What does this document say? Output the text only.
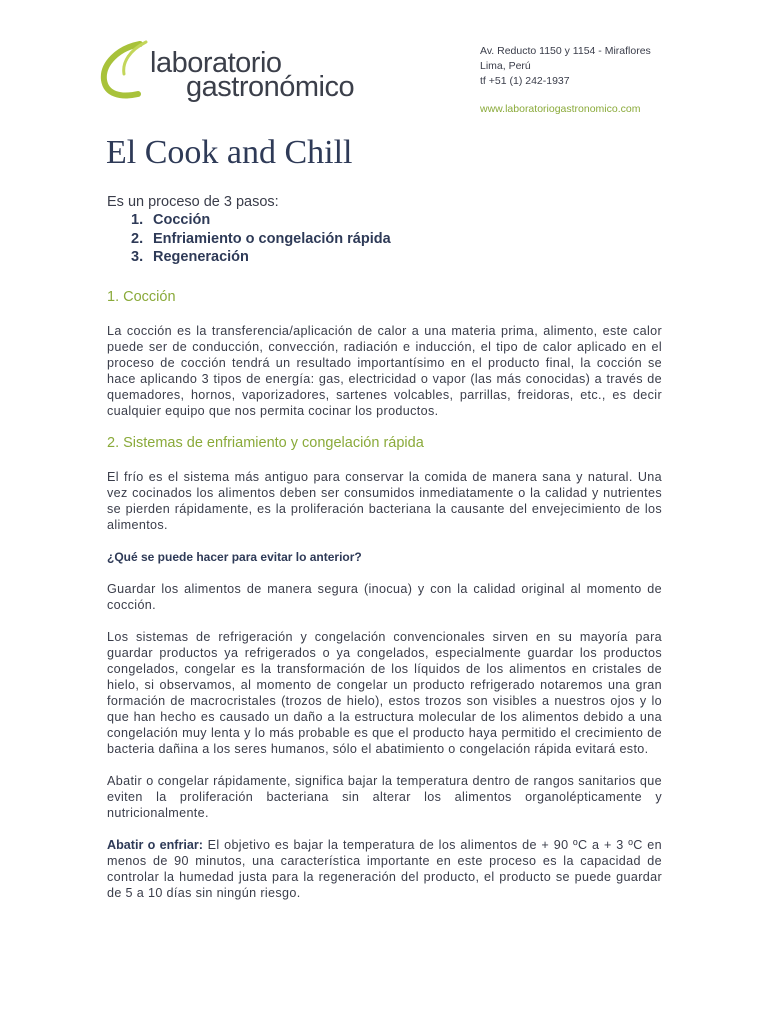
laboratorio
gastronómico
Av. Reducto 1150 y 1154 - Miraflores
Lima, Perú
tf +51 (1) 242-1937
www.laboratoriogastronomico.com
El Cook and Chill

Es un proceso de 3 pasos:

1. Cocción
2. Enfriamiento o congelación rápida
3. Regeneración

1. Cocción

La cocción es la transferencia/aplicación de calor a una materia prima, alimento, este calor puede ser de conducción, convección, radiación e inducción, el tipo de calor aplicado en el proceso de cocción tendrá un resultado importantísimo en el producto final, la cocción se hace aplicando 3 tipos de energía: gas, electricidad o vapor (las más conocidas) a través de quemadores, hornos, vaporizadores, sartenes volcables, parrillas, freidoras, etc., es decir cualquier equipo que nos permita cocinar los productos.

2. Sistemas de enfriamiento y congelación rápida

El frío es el sistema más antiguo para conservar la comida de manera sana y natural. Una vez cocinados los alimentos deben ser consumidos inmediatamente o la calidad y nutrientes se pierden rápidamente, es la proliferación bacteriana la causante del envejecimiento de los alimentos.

¿Qué se puede hacer para evitar lo anterior?

Guardar los alimentos de manera segura (inocua) y con la calidad original al momento de cocción.

Los sistemas de refrigeración y congelación convencionales sirven en su mayoría para guardar productos ya refrigerados o ya congelados, especialmente guardar los productos congelados, congelar es la transformación de los líquidos de los alimentos en cristales de hielo, si observamos, al momento de congelar un producto refrigerado notaremos una gran formación de macrocristales (trozos de hielo), estos trozos son visibles a nuestros ojos y lo que han hecho es causado un daño a la estructura molecular de los alimentos debido a una congelación muy lenta y lo más probable es que el producto haya permitido el crecimiento de bacteria dañina a los seres humanos, sólo el abatimiento o congelación rápida evitará esto.

Abatir o congelar rápidamente, significa bajar la temperatura dentro de rangos sanitarios que eviten la proliferación bacteriana sin alterar los alimentos organolépticamente y nutricionalmente.

Abatir o enfriar: El objetivo es bajar la temperatura de los alimentos de + 90 ºC a + 3 ºC en menos de 90 minutos, una característica importante en este proceso es la capacidad de controlar la humedad justa para la regeneración del producto, el producto se puede guardar de 5 a 10 días sin ningún riesgo.
